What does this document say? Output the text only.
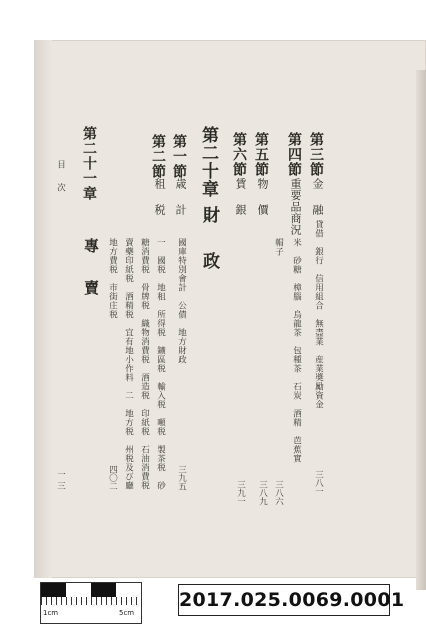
第三節
金　融
貸借　銀行　信用組合　無盡業　産業奬勵資金
三八一
第四節
重要品商況
米　砂糖　樟腦　烏龍茶　包種茶　石炭　酒精　芭蕉實
帽子
三八六
第五節
物　價
三八九
第六節
賃　銀
三九一
第二十章
財　政
第一節
歳　計
國庫特別會計　公債　地方財政
三九五
第二節
租　税
一　國税　地租　所得税　鑛區税　輸入税　噸税　製茶税　砂
糖消費税　骨牌税　織物消費税　酒造税　印紙税　石油消費税
賣藥印紙税　酒精税　宜有地小作料　二　地方税　州税及び廳
地方費税　市街庄税
四〇二
第二十一章
專　賣
目　次
一三
1cm	5cm
2017.025.0069.0001
